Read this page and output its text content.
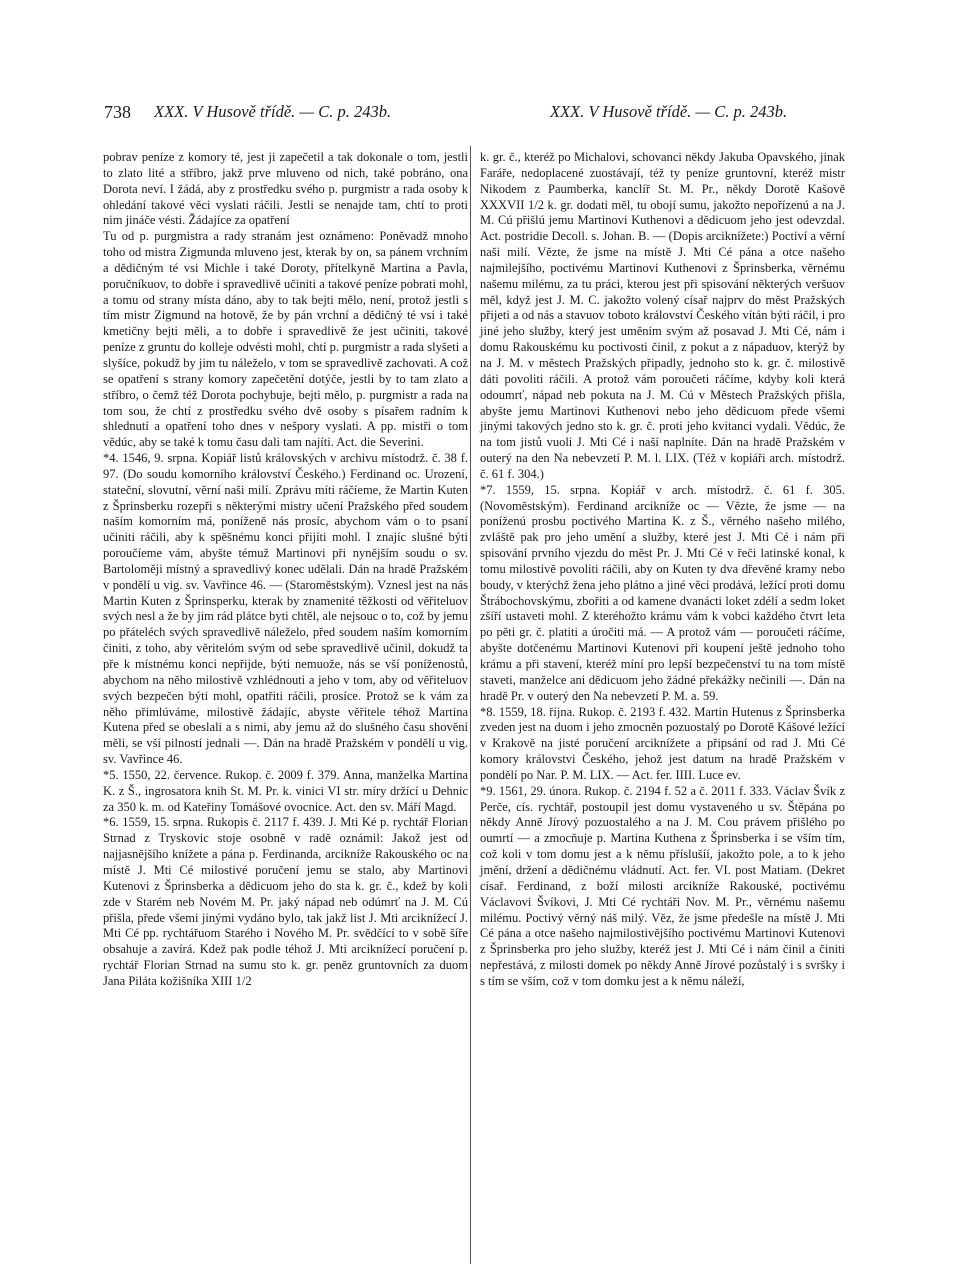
738 XXX. V Husově třídě. — C. p. 243b.	XXX. V Husově třídě. — C. p. 243b.

pobrav peníze z komory té, jest ji zapečetil a tak dokonale o tom, jestli to zlato lité a stříbro, jakž prve mluveno od nich, také pobráno, ona Dorota neví. I žádá, aby z prostředku svého p. purgmistr a rada osoby k ohledání takové věci vyslati ráčili. Jestli se nenajde tam, chtí to proti nim jináče vésti. Žádajíce za opatření

Tu od p. purgmistra a rady stranám jest oznámeno: Poněvadž mnoho toho od mistra Zigmunda mluveno jest, kterak by on, sa pánem vrchním a dědičným té vsi Michle i také Doroty, přítelkyně Martina a Pavla, poručníkuov, to dobře i spravedlivě učiniti a takové peníze pobrati mohl, a tomu od strany místa dáno, aby to tak bejti mělo, není, protož jestli s tím mistr Zigmund na hotově, že by pán vrchní a dědičný té vsi i také kmetičny bejti měli, a to dobře i spravedlivě že jest učiniti, takové peníze z gruntu do kolleje odvésti mohl, chtí p. purgmistr a rada slyšeti a slyšíce, pokudž by jim tu náleželo, v tom se spravedlivě zachovati. A což se opatření s strany komory zapečetění dotýče, jestli by to tam zlato a stříbro, o čemž též Dorota pochybuje, bejti mělo, p. purgmistr a rada na tom sou, že chtí z prostředku svého dvě osoby s písařem radním k shlednutí a opatření toho dnes v nešpory vyslati. A pp. mistři o tom vědúc, aby se také k tomu času dali tam najíti. Act. die Severini.

*4. 1546, 9. srpna. Kopiář listů královských v archivu místodrž. č. 38 f. 97. (Do soudu komorního království Českého.) Ferdinand oc. Urození, stateční, slovutní, věrní naši milí. Zprávu míti ráčíeme, že Martin Kuten z Šprinsberku rozepři s některými mistry učení Pražského před soudem naším komorním má, poníženě nás prosíc, abychom vám o to psaní učiniti ráčili, aby k spěšnému konci přijíti mohl. I znajíc slušné býti poroučíeme vám, abyšte témuž Martinovi při nynějším soudu o sv. Bartoloměji místný a spravedlivý konec udělali. Dán na hradě Pražském v pondělí u vig. sv. Vavřince 46. — (Staroměstským). Vznesl jest na nás Martin Kuten z Šprinsperku, kterak by znamenité těžkosti od věřiteluov svých nesl a že by jim rád plátce byti chtěl, ale nejsouc o to, což by jemu po přáteléch svých spravedlivě náleželo, před soudem naším komorním činiti, z toho, aby věritelóm svým od sebe spravedlivě učinil, dokudž ta pře k místnému konci nepřijde, býti nemuože, nás se vší poníženostů, abychom na něho milostivě vzhlédnouti a jeho v tom, aby od věřiteluov svých bezpečen býti mohl, opatřiti ráčili, prosíce. Protož se k vám za něho přimlúváme, milostivě žádajíc, abyste věřitele téhož Martina Kutena před se obeslali a s nimi, aby jemu až do slušného času shovění měli, se vší pilností jednali —. Dán na hradě Pražském v pondělí u vig. sv. Vavřince 46.

*5. 1550, 22. července. Rukop. č. 2009 f. 379. Anna, manželka Martina K. z Š., ingrosatora knih St. M. Pr. k. vinici VI str. míry držící u Dehnic za 350 k. m. od Kateřiny Tomášové ovocnice. Act. den sv. Máří Magd.

*6. 1559, 15. srpna. Rukopis č. 2117 f. 439. J. Mti Ké p. rychtář Florian Strnad z Tryskovic stoje osobně v radě oznámil: Jakož jest od najjasnějšího knížete a pána p. Ferdinanda, arcikníže Rakouského oc na místě J. Mti Cé milostivé poručení jemu se stalo, aby Martinovi Kutenovi z Šprinsberka a dědicuom jeho do sta k. gr. č., kdež by koli zde v Starém neb Novém M. Pr. jaký nápad neb odúmrť na J. M. Cú přišla, přede všemi jinými vydáno bylo, tak jakž list J. Mti arciknížecí J. Mti Cé pp. rychtářuom Starého i Nového M. Pr. svědčící to v sobě šíře obsahuje a zavírá. Kdež pak podle téhož J. Mti arciknížecí poručení p. rychtář Florian Strnad na sumu sto k. gr. peněz gruntovních za duom Jana Piláta kožišníka XIII 1/2

k. gr. č., kteréž po Michalovi, schovanci někdy Jakuba Opavského, jinak Faráře, nedoplacené zuostávají, též ty peníze gruntovní, kteréž mistr Nikodem z Paumberka, kanclíř St. M. Pr., někdy Dorotě Kašově XXXVII 1/2 k. gr. dodati měl, tu obojí sumu, jakožto nepořízenú a na J. M. Cú přišlú jemu Martinovi Kuthenovi a dědicuom jeho jest odevzdal. Act. postridie Decoll. s. Johan. B. — (Dopis arciknížete:) Poctiví a věrní naši milí. Vězte, že jsme na místě J. Mti Cé pána a otce našeho najmilejšího, poctivému Martinovi Kuthenovi z Šprinsberka, věrnému našemu milému, za tu práci, kterou jest při spisování některých veršuov měl, když jest J. M. C. jakožto volený císař najprv do měst Pražských přijeti a od nás a stavuov toboto království Českého vítán býti ráčil, i pro jiné jeho služby, který jest uměním svým až posavad J. Mti Cé, nám i domu Rakouskému ku poctivosti činil, z pokut a z nápaduov, kterýž by na J. M. v městech Pražských připadly, jednoho sto k. gr. č. milostivě dáti povoliti ráčili. A protož vám poroučeti ráčíme, kdyby koli která odoumrť, nápad neb pokuta na J. M. Cú v Městech Pražských přišla, abyšte jemu Martinovi Kuthenovi nebo jeho dědicuom přede všemi jinými takových jedno sto k. gr. č. proti jeho kvitanci vydali. Vědúc, že na tom jistů vuoli J. Mti Cé i naší naplníte. Dán na hradě Pražském v outerý na den Na nebevzetí P. M. l. LIX. (Též v kopiáři arch. místodrž. č. 61 f. 304.)

*7. 1559, 15. srpna. Kopiář v arch. místodrž. č. 61 f. 305. (Novoměstským). Ferdinand arcikníže oc — Vězte, že jsme — na poníženú prosbu poctivého Martina K. z Š., věrného našeho milého, zvláště pak pro jeho umění a služby, které jest J. Mti Cé i nám při spisování prvního vjezdu do měst Pr. J. Mti Cé v řeči latinské konal, k tomu milostivě povoliti ráčili, aby on Kuten ty dva dřevěné kramy nebo boudy, v kterýchž žena jeho plátno a jiné věci prodává, ležící proti domu Štrábochovskýmu, zbořiti a od kamene dvanácti loket zdélí a sedm loket zšíří ustaveti mohl. Z kteréhožto krámu vám k vobci každého čtvrt leta po pěti gr. č. platiti a úročiti má. — A protož vám — poroučeti ráčíme, abyšte dotčenému Martinovi Kutenovi při koupení ještě jednoho toho krámu a při stavení, kteréž míní pro lepší bezpečenství tu na tom místě staveti, manželce ani dědicuom jeho žádné překážky nečinili —. Dán na hradě Pr. v outerý den Na nebevzetí P. M. a. 59.

*8. 1559, 18. října. Rukop. č. 2193 f. 432. Martin Hutenus z Šprinsberka zveden jest na duom i jeho zmocněn pozuostalý po Dorotě Kášové ležící v Krakově na jisté poručení arciknížete a připsání od rad J. Mti Cé komory královstvi Českého, jehož jest datum na hradě Pražském v pondělí po Nar. P. M. LIX. — Act. fer. IIII. Luce ev.

*9. 1561, 29. února. Rukop. č. 2194 f. 52 a č. 2011 f. 333. Václav Švík z Perče, cís. rychtář, postoupil jest domu vystaveného u sv. Štěpána po někdy Anně Jírový pozuostalého a na J. M. Cou právem přišlého po oumrtí — a zmocňuje p. Martina Kuthena z Šprinsberka i se vším tím, což koli v tom domu jest a k němu příslušíí, jakožto pole, a to k jeho jmění, držení a dědičnému vládnutí. Act. fer. VI. post Matiam. (Dekret císař. Ferdinand, z boží milosti arcikníže Rakouské, poctivému Václavovi Švíkovi, J. Mti Cé rychtáři Nov. M. Pr., věrnému našemu milému. Poctivý věrný náš milý. Věz, že jsme předešle na místě J. Mti Cé pána a otce našeho najmilostivějšího poctivému Martinovi Kutenovi z Šprinsberka pro jeho služby, kteréž jest J. Mti Cé i nám činil a činiti nepřestává, z milosti domek po někdy Anně Jírové pozůstalý i s svršky i s tím se vším, což v tom domku jest a k němu náleží,
